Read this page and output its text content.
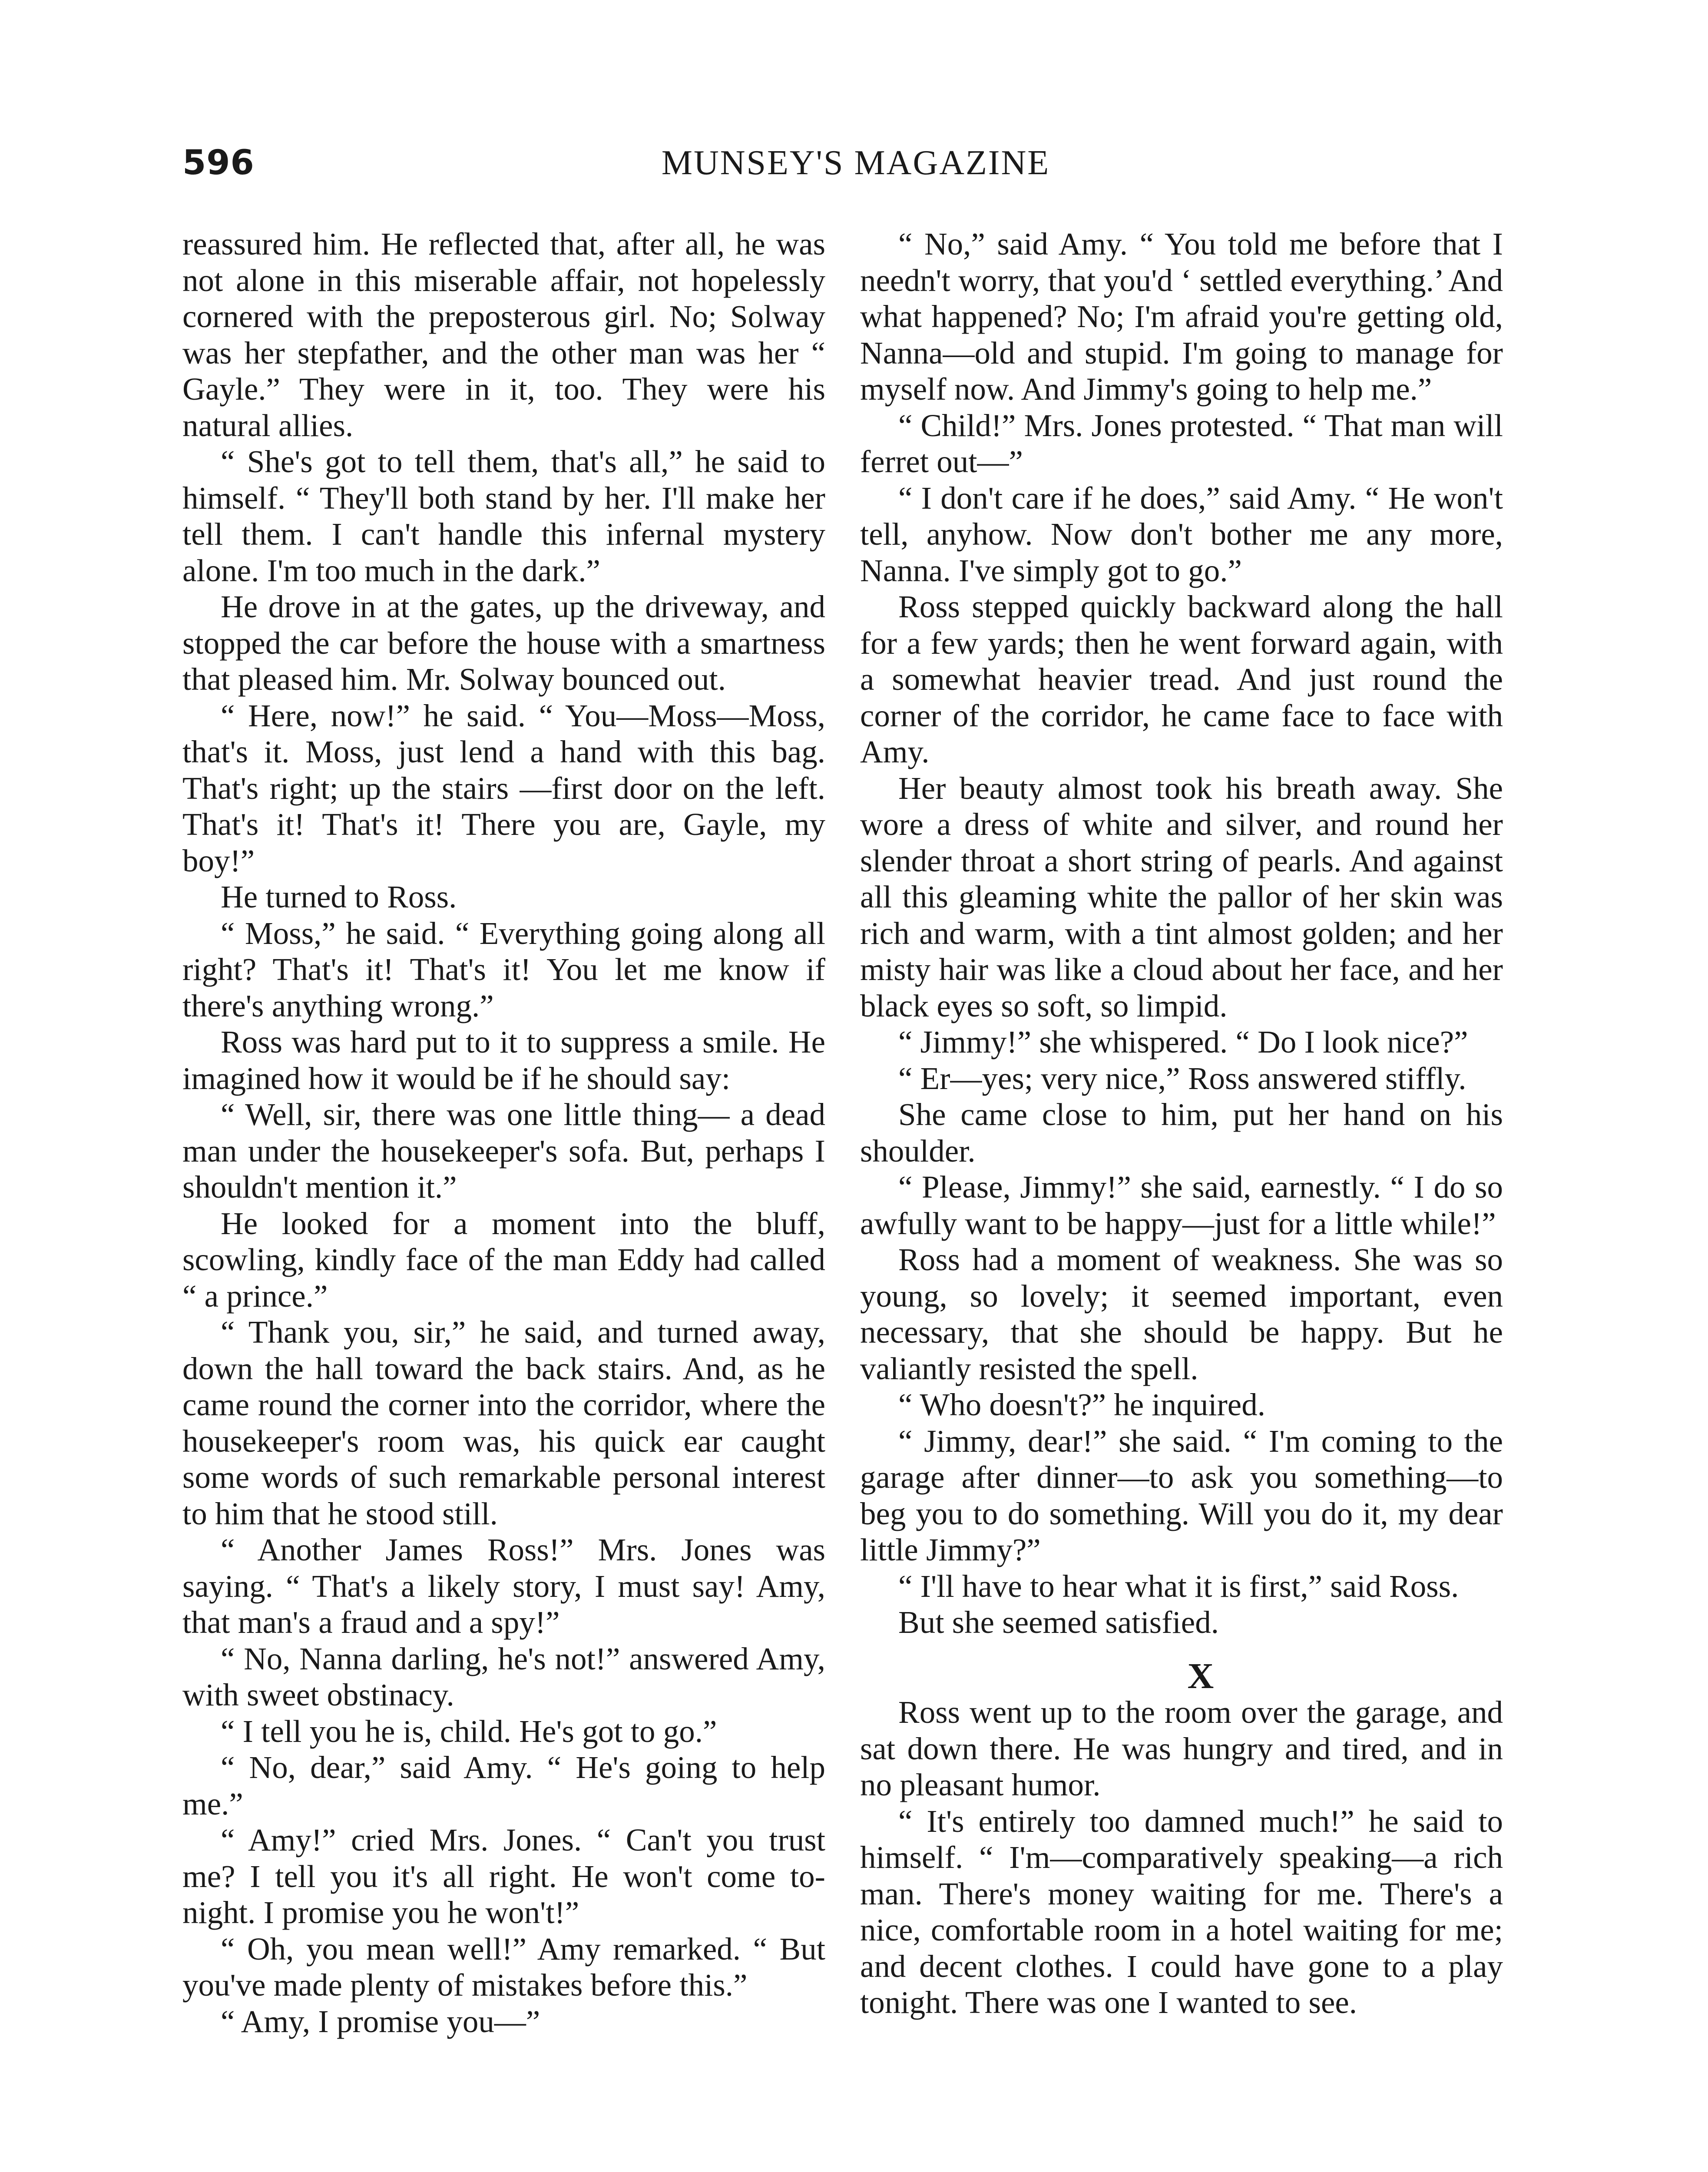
596	MUNSEY'S MAGAZINE

reassured him. He reflected that, after all, he was not alone in this miserable affair, not hopelessly cornered with the preposterous girl. No; Solway was her stepfather, and the other man was her “ Gayle.” They were in it, too. They were his natural allies.

“ She's got to tell them, that's all,” he said to himself. “ They'll both stand by her. I'll make her tell them. I can't handle this infernal mystery alone. I'm too much in the dark.”

He drove in at the gates, up the driveway, and stopped the car before the house with a smartness that pleased him. Mr. Solway bounced out.

“ Here, now!” he said. “ You—Moss—Moss, that's it. Moss, just lend a hand with this bag. That's right; up the stairs —first door on the left. That's it! That's it! There you are, Gayle, my boy!”

He turned to Ross.

“ Moss,” he said. “ Everything going along all right? That's it! That's it! You let me know if there's anything wrong.”

Ross was hard put to it to suppress a smile. He imagined how it would be if he should say:

“ Well, sir, there was one little thing— a dead man under the housekeeper's sofa. But, perhaps I shouldn't mention it.”

He looked for a moment into the bluff, scowling, kindly face of the man Eddy had called “ a prince.”

“ Thank you, sir,” he said, and turned away, down the hall toward the back stairs. And, as he came round the corner into the corridor, where the housekeeper's room was, his quick ear caught some words of such remarkable personal interest to him that he stood still.

“ Another James Ross!” Mrs. Jones was saying. “ That's a likely story, I must say! Amy, that man's a fraud and a spy!”

“ No, Nanna darling, he's not!” answered Amy, with sweet obstinacy.

“ I tell you he is, child. He's got to go.”

“ No, dear,” said Amy. “ He's going to help me.”

“ Amy!” cried Mrs. Jones. “ Can't you trust me? I tell you it's all right. He won't come to-night. I promise you he won't!”

“ Oh, you mean well!” Amy remarked. “ But you've made plenty of mistakes before this.”

“ Amy, I promise you—”

“ No,” said Amy. “ You told me before that I needn't worry, that you'd ‘ settled everything.’ And what happened? No; I'm afraid you're getting old, Nanna—old and stupid. I'm going to manage for myself now. And Jimmy's going to help me.”

“ Child!” Mrs. Jones protested. “ That man will ferret out—”

“ I don't care if he does,” said Amy. “ He won't tell, anyhow. Now don't bother me any more, Nanna. I've simply got to go.”

Ross stepped quickly backward along the hall for a few yards; then he went forward again, with a somewhat heavier tread. And just round the corner of the corridor, he came face to face with Amy.

Her beauty almost took his breath away. She wore a dress of white and silver, and round her slender throat a short string of pearls. And against all this gleaming white the pallor of her skin was rich and warm, with a tint almost golden; and her misty hair was like a cloud about her face, and her black eyes so soft, so limpid.

“ Jimmy!” she whispered. “ Do I look nice?”

“ Er—yes; very nice,” Ross answered stiffly.

She came close to him, put her hand on his shoulder.

“ Please, Jimmy!” she said, earnestly. “ I do so awfully want to be happy—just for a little while!”

Ross had a moment of weakness. She was so young, so lovely; it seemed important, even necessary, that she should be happy. But he valiantly resisted the spell.

“ Who doesn't?” he inquired.

“ Jimmy, dear!” she said. “ I'm coming to the garage after dinner—to ask you something—to beg you to do something. Will you do it, my dear little Jimmy?”

“ I'll have to hear what it is first,” said Ross.

But she seemed satisfied.

X

Ross went up to the room over the garage, and sat down there. He was hungry and tired, and in no pleasant humor.

“ It's entirely too damned much!” he said to himself. “ I'm—comparatively speaking—a rich man. There's money waiting for me. There's a nice, comfortable room in a hotel waiting for me; and decent clothes. I could have gone to a play tonight. There was one I wanted to see.
